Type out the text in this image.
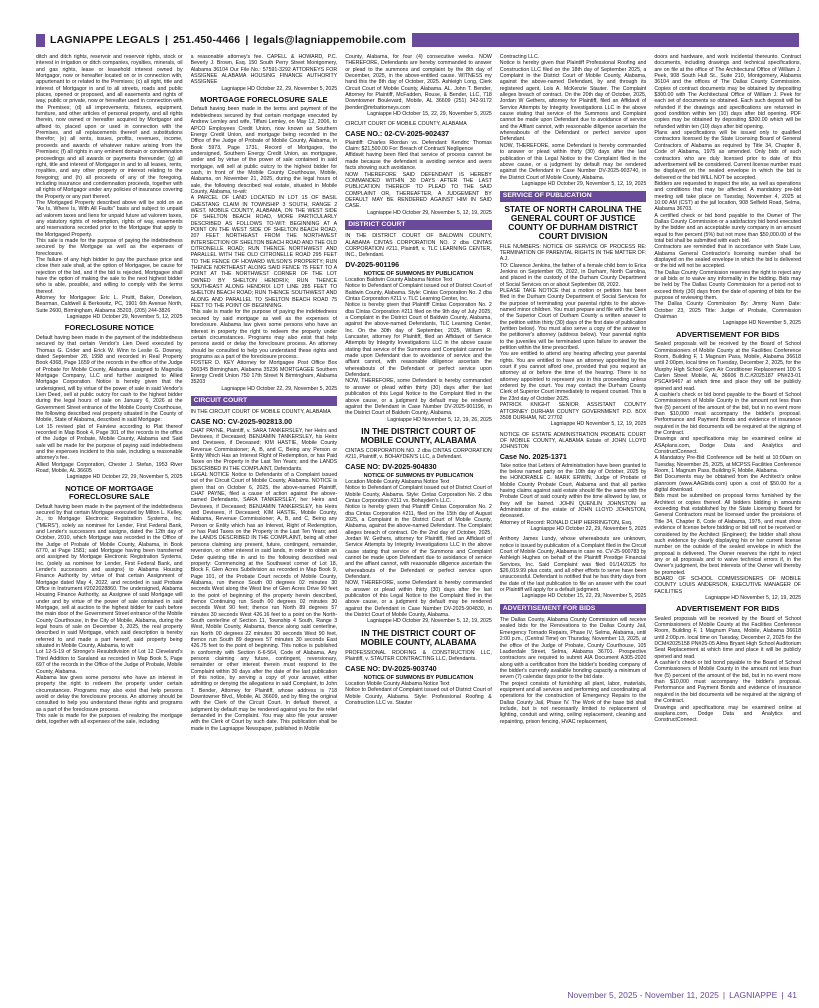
LAGNIAPPE LEGALS | 251.450-4466 | legals@lagniappemobile.com

ditch and ditch rights, reservoir and reservoir rights, stock or interest in irrigation or ditch companies, royalties, minerals, oil and gas rights, lease or leasehold interest owned by Mortgagor, now or hereafter located on or in connection with, appurtenant to or related to the Premises; (c) all right, title and interest of Mortgagor in and to all streets, roads and public places, opened or proposed, and all easements and rights of way, public or private, now or hereafter used in connection with the Premises; (d) all improvements, fixtures, equipment, furniture, and other articles of personal property, and all rights therein, now owned or hereafter acquired by Mortgagor and affixed to, placed upon or used in connection with the Premises, and all replacements thereof and substitutions therefor; (e) all rents, issues, profits, revenues, income, proceeds and awards of whatever nature arising from the Premises; (f) all rights in any eminent domain or condemnation proceedings and all awards or payments thereunder; (g) all right, title and interest of Mortgagor in and to all leases, rents, royalties, and any other property or interest relating to the foregoing; and (h) all proceeds of any of the foregoing, including insurance and condemnation proceeds, together with all rights of Mortgagor under any policies of insurance covering the Property or any part thereof.

The Mortgaged Property described above will be sold on an "As Is, Where Is, With All Faults" basis and subject to unpaid ad valorem taxes and liens for unpaid future ad valorem taxes, any statutory rights of redemption, rights of way, easements and reservations recorded prior to the Mortgage that apply to the Mortgaged Property.

This sale is made for the purpose of paying the indebtedness secured by the Mortgage as well as the expenses of foreclosure.

The failure of any high bidder to pay the purchase price and close their sale shall, at the option of Mortgagee, be cause for rejection of the bid, and if the bid is rejected, Mortgagee shall have the option of making the sale to the next highest bidder who is able, possible, and willing to comply with the terms thereof.

Attorney for Mortgagee: Eric L. Pruitt, Baker, Donelson, Bearman, Caldwell & Berkowitz, PC, 1901 6th Avenue North, Suite 2600, Birmingham, Alabama 35203, (205) 244-3826

Lagniappe HD October 29, November 5, 12, 2025

FORECLOSURE NOTICE

Default having been made in the payment of the indebtedness secured by that certain Vendor's Lien Deed executed by Thomas G. Crider and Erick W. Winn to Leslie G. Downey, dated September 28, 1998 and recorded in Real Property Book 4368, Page 1659 of the records in the office of the Judge of Probate for Mobile County, Alabama assigned to Magnolia Mortgage Company, LLC and further assigned to Allied Mortgage Corporation. Notice is hereby given that the undersigned, will by virtue of the power of sale in said Vendor's Lien Deed, sell at public outcry for cash to the highest bidder during the legal hours of sale on January 6, 2026 at the Government Street entrance of the Mobile County Courthouse, the following described real property situated in the County of Mobile, State of Alabama, described in said Mortgage:

Lot 15 revised plat of Fairview according to Plat thereof recorded in Map Book 4, Page 301 of the records in the office of the Judge of Probate, Mobile County, Alabama and Said sale will be made for the purpose of paying said indebtedness and the expenses incident to this sale, including a reasonable attorney's fee.

Allied Mortgage Corporation, Chester J. Stefan, 1953 River Road, Mobile, AL 36605

Lagniappe HD October 22, 29, November 5, 2025

NOTICE OF MORTGAGE FORECLOSURE SALE

Default having been made in the payment of the indebtedness secured by that certain Mortgage executed by Milton L. Kelley, Jr., to Mortgage Electronic Registration Systems, Inc. ("MERS"), solely as nominee for Lender, First Federal Bank, and Lender's successors and assigns, dated the 12th day of October, 2010, which Mortgage was recorded in the Office of the Judge of Probate of Mobile County, Alabama, in Book 6770, at Page 1581; said Mortgage having been transferred and assigned by Mortgage Electronic Registration Systems, Inc. (solely as nominee for Lender, First Federal Bank, and Lender's successors and assigns) to Alabama Housing Finance Authority by virtue of that certain Assignment of Mortgage dated May 4, 2022, and recorded in said Probate Office in Instrument #2022028860. The undersigned, Alabama Housing Finance Authority, as Assignee of said Mortgage will under and by virtue of the power of sale contained in said Mortgage, sell at auction to the highest bidder for cash before the main door of the Government Street entrance of the Mobile County Courthouse, in the City of Mobile, Alabama, during the legal hours of sale on December 3, 2025, the real property described in said Mortgage, which said description is hereby referred to and made a part hereof, said property being situated in Mobile County, Alabama, to wit:

Lot 12-S-19 of Stronge's Resubdivision of Lot 12 Cleveland's Third Addition to Saraland as recorded in Map Book 5, Page 697 of the records in the Office of the Judge of Probate, Mobile County, Alabama.

Alabama law gives some persons who have an interest in property the right to redeem the property under certain circumstances. Programs may also exist that help persons avoid or delay the foreclosure process. An attorney should be consulted to help you understand these rights and programs as a part of the foreclosure process.

This sale is made for the purposes of realizing the mortgage debt, together with all expenses of the sale, including

a reasonable attorney's fee. CAPELL & HOWARD, P.C. Beverly J. Brown, Esq. 150 South Perry Street Montgomery, Alabama 36104 Our File No.: 57591-3292 ATTORNEYS FOR ASSIGNEE ALABAMA HOUSING FINANCE AUTHORITY ASSIGNEE

Lagniappe HD October 22, 29, November 5, 2025

MORTGAGE FORECLOSURE SALE

Default having been made in the terms and payment of the indebtedness secured by that certain mortgage executed by Andrew Lemley and wife, Tiffani Lemley, on May 12, 2006, to APCO Employees Credit Union, now known as Southern Energy Credit Union, and mortgage being recorded in the Office of the Judge of Probate of Mobile County, Alabama, in Book 5973, Page 1731, Record of Mortgages, the undersigned, Southern Energy Credit Union, as mortgagee, under and by virtue of the power of sale contained in said mortgage, will sell at public outcry to the highest bidder for cash, in front of the Mobile County Courthouse, Mobile, Alabama, on November 21, 2025, during the legal hours of sale, the following described real estate, situated in Mobile County, Alabama, to-wit:

A PARCEL OF LAND LOCATED IN LOT 15 OF BASIL CHESTANG CLAIM IN TOWNSHIP 3 SOUTH, RANGE 2 WEST, MOBILE COUNTY, ALABAMA, ON THE WEST SIDE OF SHELTON BEACH ROAD, MORE PARTICULARLY DESCRIBED AS FOLLOWS TO-WIT: BEGINNING AT A POINT ON THE WEST SIDE OF SHELTON BEACH ROAD, 207 FEET NORTHEAST FROM THE NORTHWEST INTERSECTION OF SHELTON BEACH ROAD AND THE OLD CITRONELLE ROAD; RUN THENCE NORTHWEST AND PARALLEL WITH THE OLD CITRONELLE ROAD 295 FEET TO THE FENCE OF HOWARD WILSON'S PROPERTY; RUN THENCE NORTHEAST ALONG SAID FENCE 75 FEET TO A POINT AT THE NORTHWEST CORNER OF THE LOT OWNED BY SHELTON HENDRIX; RUN THENCE SOUTHEAST ALONG HENDRIX LOT LINE 285 FEET TO SHELTON BEACH ROAD; RUN THENCE SOUTHWEST AND ALONG AND PARALLEL TO SHELTON BEACH ROAD 75 FEET TO THE POINT OF BEGINNING.

This sale is made for the purpose of paying the indebtedness secured by said mortgage as well as the expenses of foreclosure. Alabama law gives some persons who have an interest in property the right to redeem the property under certain circumstances. Programs may also exist that help persons avoid or delay the foreclosure process. An attorney should be consulted to help you understand these rights and programs as a part of the foreclosure process.

FOSTER D. KEY Attorney for Mortgagee Post Office Box 360345 Birmingham, Alabama 35236 MORTGAGEE Southern Energy Credit Union 750 17th Street N Birmingham, Alabama 35203

Lagniappe HD October 22, 29, November 5, 2025

CIRCUIT COURT

IN THE CIRCUIT COURT OF MOBILE COUNTY, ALABAMA

CASE NO: CV-2025-902813.00

CHAT PAYNE, Plaintiff, v. SARA TANKERSLEY, her Heirs and Devisees, if Deceased; BENJAMIN TANKERSLEY, his Heirs and Devisees, if Deceased; KIM HASTIE, Mobile County Revenue Commissioner; A, B, and C, Being any Person or Entity Which Has an Interest Right of Redemption, or has Paid Taxes on the Property in the Last Ten Years; and the LANDS DESCRIBED IN THE COMPLAINT, Defendants.

LEGAL NOTICE Notice to Defendants of a Complaint issued out of the Circuit Court of Mobile County, Alabama. NOTICE is given that on October 6, 2025, the above-named Plaintiff, CHAT PAYNE, filed a cause of action against the above-named Defendants, SARA TANKERSLEY, her Heirs and Devisees, if Deceased; BENJAMIN TANKERSLEY, his Heirs and Devisees, if Deceased; KIM HASTIE, Mobile County, Alabama, Revenue Commissioner; A, B, and C, Being any Person or Entity which has an Interest, Right of Redemption, or has Paid Taxes on the Property in the Last Ten Years; and the LANDS DESCRIBED IN THE COMPLAINT, being all other persons claiming any present, future, contingent, remainder, reversion, or other interest in said lands, in order to obtain an Order quieting title in and to the following described real property: Commencing at the Southwest corner of Lot 18, Block F, Glen Acres Subdivision as recorded in Map Book 9, Page 101, of the Probate Court records of Mobile County, Alabama, run thence South 00 degrees 02 minutes 30 seconds West along the West line of Glen Acres Drive 90 feet to the point of beginning of the property herein described, thence Continuing run South 00 degrees 02 minutes 30 seconds West 90 feet; thence run North 89 degrees 57 minutes 30 seconds West 426.16 feet to a point on the North-South centerline of Section 11, Township 4 South, Range 3 West, Mobile County, Alabama, thence along said centerline, run North 00 degrees 22 minutes 30 seconds West 90 feet, thence run South 89 degrees 57 minutes 30 seconds East 426.75 feet to the point of beginning. This notice is published in conformity with Section 6-6-564, Code of Alabama. Any persons claiming any future, contingent, reversionary, remainder or other interest therein must respond to the Complaint within 30 days after the date of the last publication of this notice, by serving a copy of your answer, either admitting or denying the allegations in said Complaint, to John T. Bender, Attorney for Plaintiff, whose address is 718 Downtowner Blvd., Mobile, AL 36609, and by filing the original with the Clerk of the Circuit Court. In default thereof, a judgment by default may be rendered against you for the relief demanded in the Complaint. You may also file your answer with the Clerk of Court by such date. This publication shall be made in the Lagniappe Newspaper, published in Mobile

County, Alabama, for four (4) consecutive weeks. NOW THEREFORE, Defendants are hereby commanded to answer or plead to the summons and complaint by the 8th day of December, 2025, in the above-entitled cause. WITNESS my hand this the 8th day of October, 2025. Ashleigh Long, Clerk Circuit Court of Mobile County, Alabama. AL. John T. Bender, Attorney for Plaintiff, McFadden, Rouse, & Bender, LLC, 718 Downtowner Boulevard, Mobile, AL 36609 (251) 342-9172 jbender@mrbattorneys.com

Lagniappe HD October 15, 22, 29, November 5, 2025

CIRCUIT COURT OF MOBILE COUNTY, ALABAMA

CASE NO.: 02-CV-2025-902437

Plaintiff: Charles Riordan vs. Defendant: Kendric Thomas Claim: $21,500.00 For: Breach of Contract/ Negligence

Affidavit having been filed that service of process cannot be made because the defendant is avoiding service and avers facts showing such avoidance.

NOW THEREFORE SAID DEFENDANT IS HEREBY COMMANDED WITHIN 30 DAYS AFTER THE LAST PUBLICATION THEREOF TO PLEAD TO THE SAID COMPLAINT OR, THEREAFTER, A JUDGEMENT BY DEFAULT MAY BE RENDERED AGAINST HIM IN SAID CASE.

Lagniappe HD October 29, November 5, 12, 19, 2025

DISTRICT COURT

IN THE DISTRICT COURT OF BALDWIN COUNTY, ALABAMA CINTAS CORPORATION NO. 2 dba CINTAS CORPORATION #211, Plaintiff, v. TLC LEARNING CENTER, INC., Defendant.

DV-2025-901196
NOTICE OF SUMMONS BY PUBLICATION

Location Baldwin County Alabama Notice Text

Notice to Defendant of Complaint issued out of District Court of Baldwin County, Alabama. Style: Cintas Corporation No. 2 dba Cintas Corporation #211 v. TLC Learning Center, Inc.

Notice is hereby given that Plaintiff Cintas Corporation No. 2 dba Cintas Corporation #211 filed on the 9th day of July 2025, a Complaint in the District Court of Baldwin County, Alabama, against the above-named Defendants, TLC Learning Center, Inc. On the 30th day of September, 2025, William R. Lancaster, attorney for Plaintiff, filed an Affidavit of Service Attempts by Integrity Investigations LLC in the above cause stating that service of the Summons and Complaint cannot be made upon Defendant due to avoidance of service and the affiant cannot, with reasonable diligence ascertain the whereabouts of the Defendant or perfect service upon Defendant.

NOW, THEREFORE, some Defendant is hereby commanded to answer or plead within thirty (30) days after the last publication of this Legal Notice to the Complaint filed in the above cause, or a judgment by default may be rendered against the Defendant in Case Number DV-2025-901196, in the District Court of Baldwin County, Alabama.

Lagniappe HD November 5, 12, 19, 26, 2025

IN THE DISTRICT COURT OF MOBILE COUNTY, ALABAMA

CINTAS CORPORATION NO. 2 dba CINTAS CORPORATION #211, Plaintiff, v. BOHAYDEN'S LLC, a Defendant.

CASE NO: DV-2025-904830
NOTICE OF SUMMONS BY PUBLICATION

Location Mobile County Alabama Notice Text

Notice to Defendant of Complaint issued out of District Court of Mobile County, Alabama. Style: Cintas Corporation No. 2 dba Cintas Corporation #211 vs. Bohayden's LLC.

Notice is hereby given that Plaintiff Cintas Corporation No. 2 dba Cintas Corporation #211, filed on the 15th day of August 2025, a Complaint in the District Court of Mobile County, Alabama, against the above-named Defendant. The Complaint alleges breach of contract. On the 2nd day of October, 2025, Jordan W. Gethers, attorney for Plaintiff, filed an Affidavit of Service Attempts by Integrity Investigations LLC in the above cause stating that service of the Summons and Complaint cannot be made upon Defendant due to avoidance of service and the affiant cannot, with reasonable diligence ascertain the whereabouts of the Defendant or perfect service upon Defendant.

NOW, THEREFORE, some Defendant is hereby commanded to answer or plead within thirty (30) days after the last publication of this Legal Notice to the Complaint filed in the above cause, or a judgment by default may be rendered against the Defendant in Case Number DV-2025-904830, in the District Court of Mobile County, Alabama.

Lagniappe HD October 29, November 5, 12, 19, 2025

IN THE DISTRICT COURT OF MOBILE COUNTY, ALABAMA

PROFESSIONAL ROOFING & CONSTRUCTION LLC, Plaintiff, v. STAUTER CONTRACTING LLC, Defendants.

CASE NO: DV-2025-903740
NOTICE OF SUMMONS BY PUBLICATION

Location Mobile County Alabama Notice Text

Notice to Defendant of Complaint issued out of District Court of Mobile County, Alabama. Style: Professional Roofing & Construction LLC vs. Stauter

Contracting LLC.

Notice is hereby given that Plaintiff Professional Roofing and Construction LLC filed on the 18th day of September 2025, a Complaint in the District Court of Mobile County, Alabama, against the above-named Defendant, by and through its registered agent, Lois A. McKenzie Stauter. The Complaint alleges breach of contract. On the 20th day of October, 2025, Jordan W Gethers, attorney for Plaintiff, filed an Affidavit of Service Attempts by Integrity Investigations LLC in the above cause stating that service of the Summons and Complaint cannot be made upon Defendant due to avoidance of service and the Affiant cannot, with reasonable diligence ascertain the whereabouts of the Defendant or perfect service upon Defendant.

NOW, THEREFORE, some Defendant is hereby commanded to answer or plead within thirty (30) days after the last publication of this Legal Notice to the Complaint filed in the above cause, or a judgment by default may be rendered against the Defendant in Case Number DV-2025-903740, in the District Court of Mobile County, Alabama.

Lagniappe HD October 29, November 5, 12, 19, 2025

SERVICE OF PUBLICATION
STATE OF NORTH CAROLINA THE GENERAL COURT OF JUSTICE COUNTY OF DURHAM DISTRICT COURT DIVISION

FILE NUMBERS: NOTICE OF SERVICE OF PROCESS RE: TERMINATION OF PARENTAL RIGHTS IN THE MATTER OF: A.J.

TO: Clarence Jenkins, the father of a female child born to Erica Jenkins on September 05, 2022, in Durham, North Carolina, and placed in the custody of the Durham County Department of Social Services on or about September 08, 2022.

PLEASE TAKE NOTICE that a motion or petition has been filed in the Durham County Department of Social Services for the purpose of terminating your parental rights to the above-named minor children. You must prepare and file with the Clerk of the Superior Court of Durham County a written answer to the petition within thirty (30) days of the first date of publication (written below). You must also serve a copy of the answer to the petitioner's attorney (address below). Your parental rights to the juveniles will be terminated upon failure to answer the petition within the time prescribed.

You are entitled to attend any hearing affecting your parental rights. You are entitled to have an attorney appointed by the court if you cannot afford one, provided that you request an attorney at or before the time of the hearing. There is no attorney appointed to represent you in this proceeding unless ordered by the court. You may contact the Durham County Clerk of Superior Court immediately to request counsel. This is the 23rd day of October 2025.

PATRICK KNIGHT SENIOR ASSISTANT COUNTY ATTORNEY DURHAM COUNTY GOVERNMENT P.O. BOX 3508 DURHAM, NC 27702

Lagniappe HD November 5, 12, 19, 2025

NOTICE OF ESTATE ADMINISTRATION PROBATE COURT OF MOBILE COUNTY, ALABAMA Estate of JOHN LLOYD JOHNSTON

Case No. 2025-1371

Take notice that Letters of Administration have been granted to the below named party on the 10th day of October, 2025 by the HONORABLE C. MARK ERWIN, Judge of Probate of Mobile County Probate Court, Alabama and that all parties having claims against said estate should file the same with the Probate Court of said county within the time allowed by law, or they will be barred. JOHN QUENLIN JOHNSTON as Administrator of the estate of JOHN LLOYD JOHNSTON, deceased.

Attorney of Record: RONALD CHIP HERRINGTON, Esq.

Lagniappe HD October 22, 29, November 5, 2025

Anthony James Lundy, whose whereabouts are unknown, notice is issued by publication of a Complaint filed in the Circuit Court of Mobile County, Alabama in case no. CV-25-900783 by Ashleigh Hughes on behalf of the Plaintiff Prestige Financial Services, Inc. Said Complaint was filed 01/14/2025 for $26,019.99 plus costs, and all other efforts to serve have been unsuccessful. Defendant is notified that he has thirty days from the date of the last publication to file an answer with the court or Plaintiff will apply for a default judgment.

Lagniappe HD October 15, 22, 29, November 5, 2025

ADVERTISEMENT FOR BIDS

The Dallas County, Alabama County Commission will receive sealed bids for the Renovations to the Dallas County Jail, Emergency Tornado Repairs, Phase IV, Selma, Alabama, until 2:00 p.m., (Central Time) on Thursday, November 13, 2025, at the office of the Judge of Probate, County Courthouse, 105 Lauderdale Street, Selma, Alabama 36701. Prospective contractors are required to submit AIA Document A305-2020 along with a certification from the bidder's bonding company of the bidder's currently available bonding capacity a minimum of seven (7) calendar days prior to the bid date.

The project consists of furnishing all plant, labor, materials, equipment and all services and performing and coordinating all operations for the construction of Emergency Repairs to the Dallas County Jail, Phase IV. The Work of the base bid shall include, but is not necessarily limited to replacement of lighting, conduit and wiring, ceiling replacement, cleaning and repainting, prison fencing, HVAC replacement,

doors and hardware, and work incidental thereunto. Contract documents, including drawings and technical specifications, are on file at the office of The Architectural Office of William J. Peek, 908 South Hull St., Suite 210, Montgomery, Alabama 36104 and the offices of The Dallas County Commission. Copies of contract documents may be obtained by depositing $300.00 with The Architectural Office of William J. Peek for each set of documents so obtained. Each such deposit will be refunded if the drawings and specifications are returned in good condition within ten (10) days after bid opening. PDF copies may be obtained by depositing $300.00 which will be refunded within ten (10) days after bid opening.

Plans and specifications will be issued only to qualified contractors licensed by the State Licensing Board of General Contractors of Alabama as required by Title 34, Chapter 8, Code of Alabama, 1975 as amended. Only bids of such contractors who are duly licensed prior to date of this advertisement will be considered. Current license number must be displayed on the sealed envelope in which the bid is delivered or the bid WILL NOT be accepted.

Bidders are requested to inspect the site, as well as operations and conditions that may be affected. A mandatory pre-bid meeting will take place on Tuesday, November 4, 2025 at 10:00 AM (CST) at the jail location, 908 Selfield Road, Selma, Alabama 36703.

A certified check or bid bond payable to the Owner of The Dallas County Commission or a satisfactory bid bond executed by the bidder and an acceptable surety company in an amount equal to five percent (5%) but not more than $50,000.00 of the total bid shall be submitted with each bid.

Contractors are reminded that in accordance with State Law, Alabama General Contractor's licensing number shall be displayed on the sealed envelope in which the bid is delivered or the bid will not be accepted.

The Dallas County Commission reserves the right to reject any or all bids or to waive any informality in the bidding. Bids may be held by The Dallas County Commission for a period not to exceed thirty (30) days from the date of opening of bids for the purpose of reviewing them.

The Dallas County Commission By: Jimmy Nunn Date: October 23, 2025 Title: Judge of Probate, Commission Chairman

Lagniappe HD November 5, 2025

ADVERTISEMENT FOR BIDS

Sealed proposals will be received by the Board of School Commissioners of Mobile County at the Facilities Conference Room, Building F, 1 Magnum Pass, Mobile, Alabama 36618 until 2:00pm, local time on Tuesday, December 2, 2025, for the Murphy High School Gym Air Conditioner Replacement 100 S Carlen Street Mobile, AL 36606 B.C.#2025187 PN#23-01 PSCA#9467 at which time and place they will be publicly opened and read.

A cashier's check or bid bond payable to the Board of School Commissioners of Mobile County in the amount not less than five (5) percent of the amount of the bid, but in no event more than $10,000 must accompany the bidder's proposal. Performance and Payment Bonds and evidence of insurance required in the bid documents will be required at the signing of the Contract.

Drawings and specifications may be examined online at ASAplans.com, Dodge Data and Analytics and ConstructConnect.

A Mandatory Pre-Bid Conference will be held at 10:00am on Tuesday, November 25, 2025, at MCPSS Facilities Conference Room, 1 Magnum Pass, Building F, Mobile, Alabama.

Bid Documents may be obtained from the Architect's online planroom (www.AAGbids.com) upon a cost of $50.00 for a digital download.

Bids must be submitted on proposal forms furnished by the Architect or copies thereof. All bidders bidding in amounts exceeding that established by the State Licensing Board for General Contractors must be licensed under the provisions of Title 34, Chapter 8, Code of Alabama, 1975, and must show evidence of license before bidding or bid will not be received or considered by the Architect (Engineer); the bidder shall show such evidence by clearly displaying his or her current license number on the outside of the sealed envelope in which the proposal is delivered. The Owner reserves the right to reject any or all proposals and to waive technical errors if, in the Owner's judgment, the best interests of the Owner will thereby be promoted.

BOARD OF SCHOOL COMMISSIONERS OF MOBILE COUNTY LOUIS ANDERSON, EXECUTIVE MANAGER OF FACILITIES

Lagniappe HD November 5, 12, 19, 2025

ADVERTISEMENT FOR BIDS

Sealed proposals will be received by the Board of School Commissioners of Mobile County at the Facilities Conference Room, Building F, 1 Magnum Pass, Mobile, Alabama 36618 until 2:00p.m. local time on Tuesday, December 2, 2025 for the DCM#2025158 PN#25-05 Alma Bryant High School Auditorium Seat Replacement at which time and place it will be publicly opened and read.

A cashier's check or bid bond payable to the Board of School Commissioners of Mobile County in the amount not less than five (5) percent of the amount of the bid, but in no event more than $10,000 must accompany the bidder's proposal. Performance and Payment Bonds and evidence of insurance required in the bid documents will be required at the signing of the Contract.

Drawings and specifications may be examined online at asaplans.com, Dodge Data and Analytics and ConstructConnect.

November 5, 2025 - November 11, 2025 | LAGNIAPPE | 41
